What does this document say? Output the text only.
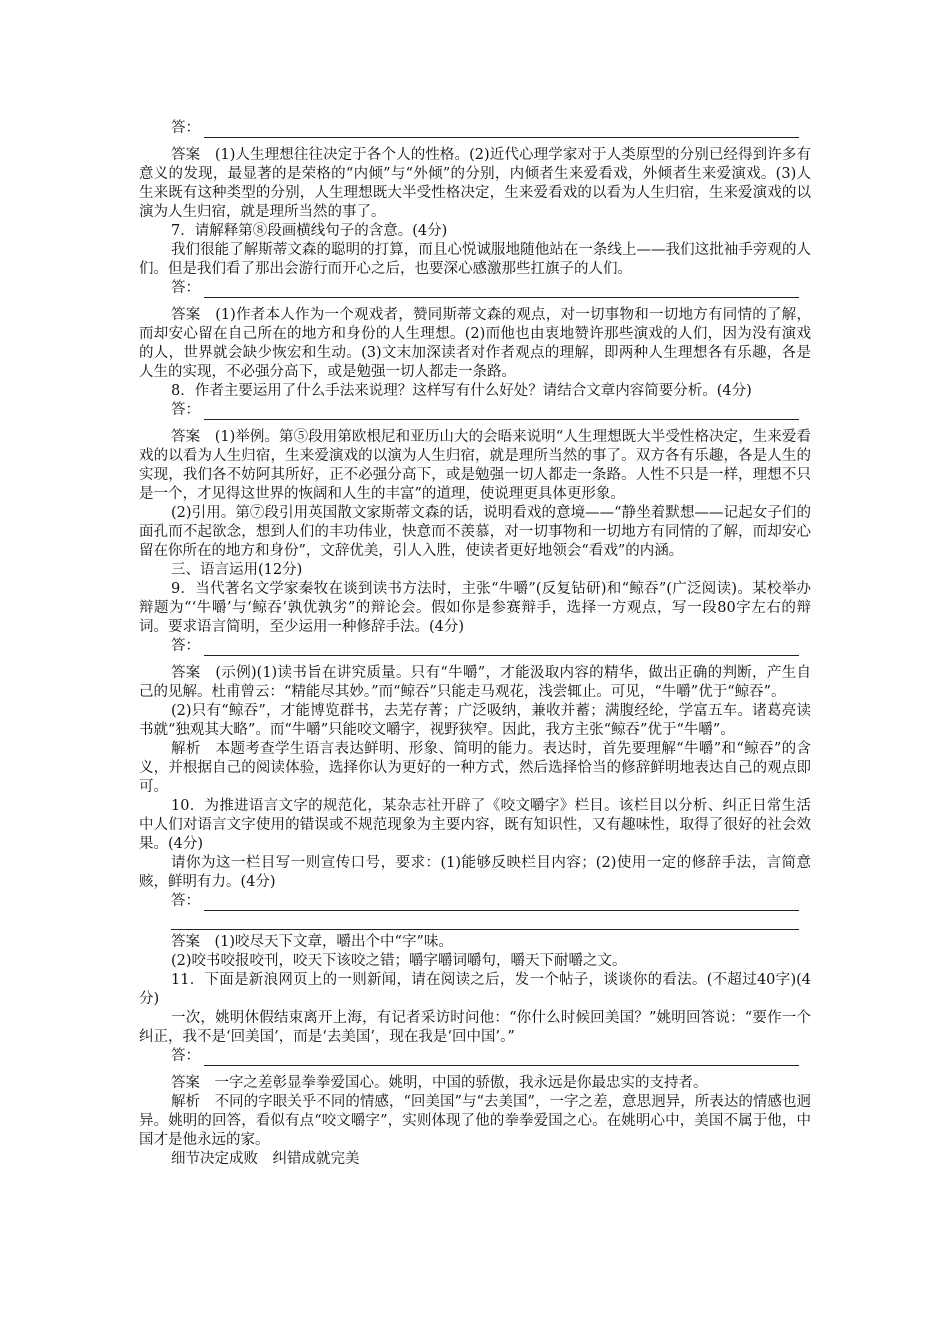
答：

答案　(1)人生理想往往决定于各个人的性格。(2)近代心理学家对于人类原型的分别已经得到许多有意义的发现，最显著的是荣格的“内倾”与“外倾”的分别，内倾者生来爱看戏，外倾者生来爱演戏。(3)人生来既有这种类型的分别，人生理想既大半受性格决定，生来爱看戏的以看为人生归宿，生来爱演戏的以演为人生归宿，就是理所当然的事了。

7．请解释第⑧段画横线句子的含意。(4分)

我们很能了解斯蒂文森的聪明的打算，而且心悦诚服地随他站在一条线上——我们这批袖手旁观的人们。但是我们看了那出会游行而开心之后，也要深心感激那些扛旗子的人们。

答：

答案　(1)作者本人作为一个观戏者，赞同斯蒂文森的观点，对一切事物和一切地方有同情的了解，而却安心留在自己所在的地方和身份的人生理想。(2)而他也由衷地赞许那些演戏的人们，因为没有演戏的人，世界就会缺少恢宏和生动。(3)文末加深读者对作者观点的理解，即两种人生理想各有乐趣，各是人生的实现，不必强分高下，或是勉强一切人都走一条路。

8．作者主要运用了什么手法来说理？这样写有什么好处？请结合文章内容简要分析。(4分)

答：

答案　(1)举例。第⑤段用第欧根尼和亚历山大的会晤来说明“人生理想既大半受性格决定，生来爱看戏的以看为人生归宿，生来爱演戏的以演为人生归宿，就是理所当然的事了。双方各有乐趣，各是人生的实现，我们各不妨阿其所好，正不必强分高下，或是勉强一切人都走一条路。人性不只是一样，理想不只是一个，才见得这世界的恢阔和人生的丰富”的道理，使说理更具体更形象。

(2)引用。第⑦段引用英国散文家斯蒂文森的话，说明看戏的意境——“静坐着默想——记起女子们的面孔而不起欲念，想到人们的丰功伟业，快意而不羡慕，对一切事物和一切地方有同情的了解，而却安心留在你所在的地方和身份”，文辞优美，引人入胜，使读者更好地领会“看戏”的内涵。

三、语言运用(12分)

9．当代著名文学家秦牧在谈到读书方法时，主张“牛嚼”(反复钻研)和“鲸吞”(广泛阅读)。某校举办辩题为“‘牛嚼’与‘鲸吞’孰优孰劣”的辩论会。假如你是参赛辩手，选择一方观点，写一段80字左右的辩词。要求语言简明，至少运用一种修辞手法。(4分)

答：

答案　(示例)(1)读书旨在讲究质量。只有“牛嚼”，才能汲取内容的精华，做出正确的判断，产生自己的见解。杜甫曾云：“精能尽其妙。”而“鲸吞”只能走马观花，浅尝辄止。可见，“牛嚼”优于“鲸吞”。

(2)只有“鲸吞”，才能博览群书，去芜存菁；广泛吸纳，兼收并蓄；满腹经纶，学富五车。诸葛亮读书就“独观其大略”。而“牛嚼”只能咬文嚼字，视野狭窄。因此，我方主张“鲸吞”优于“牛嚼”。

解析　本题考查学生语言表达鲜明、形象、简明的能力。表达时，首先要理解“牛嚼”和“鲸吞”的含义，并根据自己的阅读体验，选择你认为更好的一种方式，然后选择恰当的修辞鲜明地表达自己的观点即可。

10．为推进语言文字的规范化，某杂志社开辟了《咬文嚼字》栏目。该栏目以分析、纠正日常生活中人们对语言文字使用的错误或不规范现象为主要内容，既有知识性，又有趣味性，取得了很好的社会效果。(4分)

请你为这一栏目写一则宣传口号，要求：(1)能够反映栏目内容；(2)使用一定的修辞手法，言简意赅，鲜明有力。(4分)

答：

答案　(1)咬尽天下文章，嚼出个中“字”味。

(2)咬书咬报咬刊，咬天下该咬之错；嚼字嚼词嚼句，嚼天下耐嚼之文。

11．下面是新浪网页上的一则新闻，请在阅读之后，发一个帖子，谈谈你的看法。(不超过40字)(4分)

一次，姚明休假结束离开上海，有记者采访时问他：“你什么时候回美国？”姚明回答说：“要作一个纠正，我不是‘回美国’，而是‘去美国’，现在我是‘回中国’。”

答：

答案　一字之差彰显拳拳爱国心。姚明，中国的骄傲，我永远是你最忠实的支持者。

解析　不同的字眼关乎不同的情感，“回美国”与“去美国”，一字之差，意思迥异，所表达的情感也迥异。姚明的回答，看似有点“咬文嚼字”，实则体现了他的拳拳爱国之心。在姚明心中，美国不属于他，中国才是他永远的家。

细节决定成败　纠错成就完美
